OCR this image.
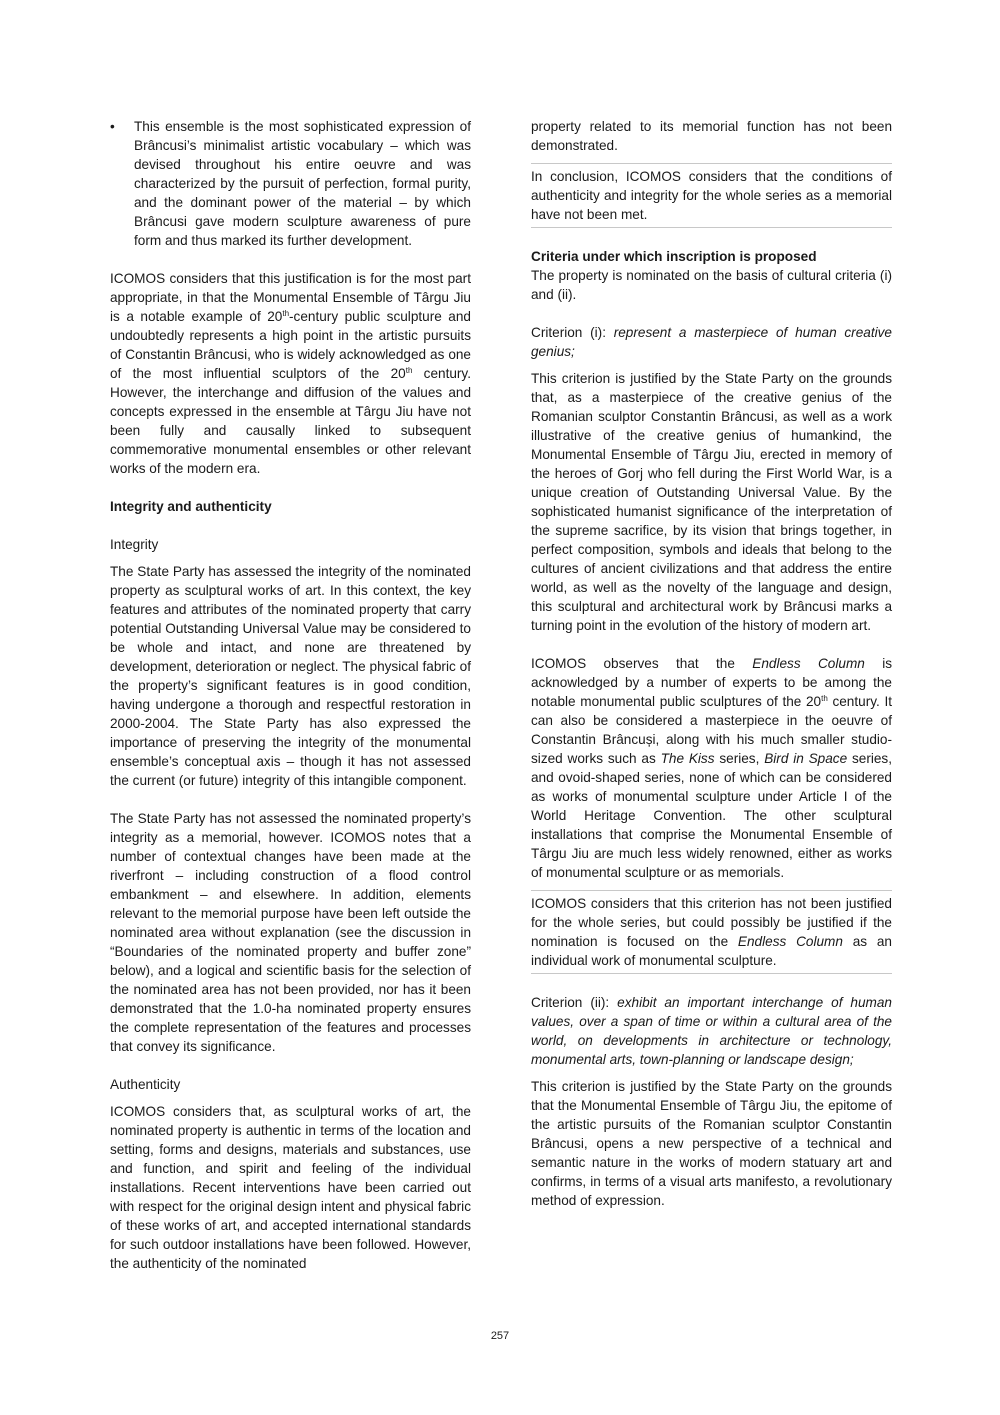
• This ensemble is the most sophisticated expression of Brâncusi’s minimalist artistic vocabulary – which was devised throughout his entire oeuvre and was characterized by the pursuit of perfection, formal purity, and the dominant power of the material – by which Brâncusi gave modern sculpture awareness of pure form and thus marked its further development.

ICOMOS considers that this justification is for the most part appropriate, in that the Monumental Ensemble of Târgu Jiu is a notable example of 20th-century public sculpture and undoubtedly represents a high point in the artistic pursuits of Constantin Brâncusi, who is widely acknowledged as one of the most influential sculptors of the 20th century. However, the interchange and diffusion of the values and concepts expressed in the ensemble at Târgu Jiu have not been fully and causally linked to subsequent commemorative monumental ensembles or other relevant works of the modern era.

Integrity and authenticity

Integrity

The State Party has assessed the integrity of the nominated property as sculptural works of art. In this context, the key features and attributes of the nominated property that carry potential Outstanding Universal Value may be considered to be whole and intact, and none are threatened by development, deterioration or neglect. The physical fabric of the property’s significant features is in good condition, having undergone a thorough and respectful restoration in 2000-2004. The State Party has also expressed the importance of preserving the integrity of the monumental ensemble’s conceptual axis – though it has not assessed the current (or future) integrity of this intangible component.

The State Party has not assessed the nominated property’s integrity as a memorial, however. ICOMOS notes that a number of contextual changes have been made at the riverfront – including construction of a flood control embankment – and elsewhere. In addition, elements relevant to the memorial purpose have been left outside the nominated area without explanation (see the discussion in “Boundaries of the nominated property and buffer zone” below), and a logical and scientific basis for the selection of the nominated area has not been provided, nor has it been demonstrated that the 1.0-ha nominated property ensures the complete representation of the features and processes that convey its significance.

Authenticity

ICOMOS considers that, as sculptural works of art, the nominated property is authentic in terms of the location and setting, forms and designs, materials and substances, use and function, and spirit and feeling of the individual installations. Recent interventions have been carried out with respect for the original design intent and physical fabric of these works of art, and accepted international standards for such outdoor installations have been followed. However, the authenticity of the nominated

property related to its memorial function has not been demonstrated.

In conclusion, ICOMOS considers that the conditions of authenticity and integrity for the whole series as a memorial have not been met.

Criteria under which inscription is proposed

The property is nominated on the basis of cultural criteria (i) and (ii).

Criterion (i): represent a masterpiece of human creative genius;

This criterion is justified by the State Party on the grounds that, as a masterpiece of the creative genius of the Romanian sculptor Constantin Brâncusi, as well as a work illustrative of the creative genius of humankind, the Monumental Ensemble of Târgu Jiu, erected in memory of the heroes of Gorj who fell during the First World War, is a unique creation of Outstanding Universal Value. By the sophisticated humanist significance of the interpretation of the supreme sacrifice, by its vision that brings together, in perfect composition, symbols and ideals that belong to the cultures of ancient civilizations and that address the entire world, as well as the novelty of the language and design, this sculptural and architectural work by Brâncusi marks a turning point in the evolution of the history of modern art.

ICOMOS observes that the Endless Column is acknowledged by a number of experts to be among the notable monumental public sculptures of the 20th century. It can also be considered a masterpiece in the oeuvre of Constantin Brâncuși, along with his much smaller studio-sized works such as The Kiss series, Bird in Space series, and ovoid-shaped series, none of which can be considered as works of monumental sculpture under Article I of the World Heritage Convention. The other sculptural installations that comprise the Monumental Ensemble of Târgu Jiu are much less widely renowned, either as works of monumental sculpture or as memorials.

ICOMOS considers that this criterion has not been justified for the whole series, but could possibly be justified if the nomination is focused on the Endless Column as an individual work of monumental sculpture.

Criterion (ii): exhibit an important interchange of human values, over a span of time or within a cultural area of the world, on developments in architecture or technology, monumental arts, town-planning or landscape design;

This criterion is justified by the State Party on the grounds that the Monumental Ensemble of Târgu Jiu, the epitome of the artistic pursuits of the Romanian sculptor Constantin Brâncusi, opens a new perspective of a technical and semantic nature in the works of modern statuary art and confirms, in terms of a visual arts manifesto, a revolutionary method of expression.

257
